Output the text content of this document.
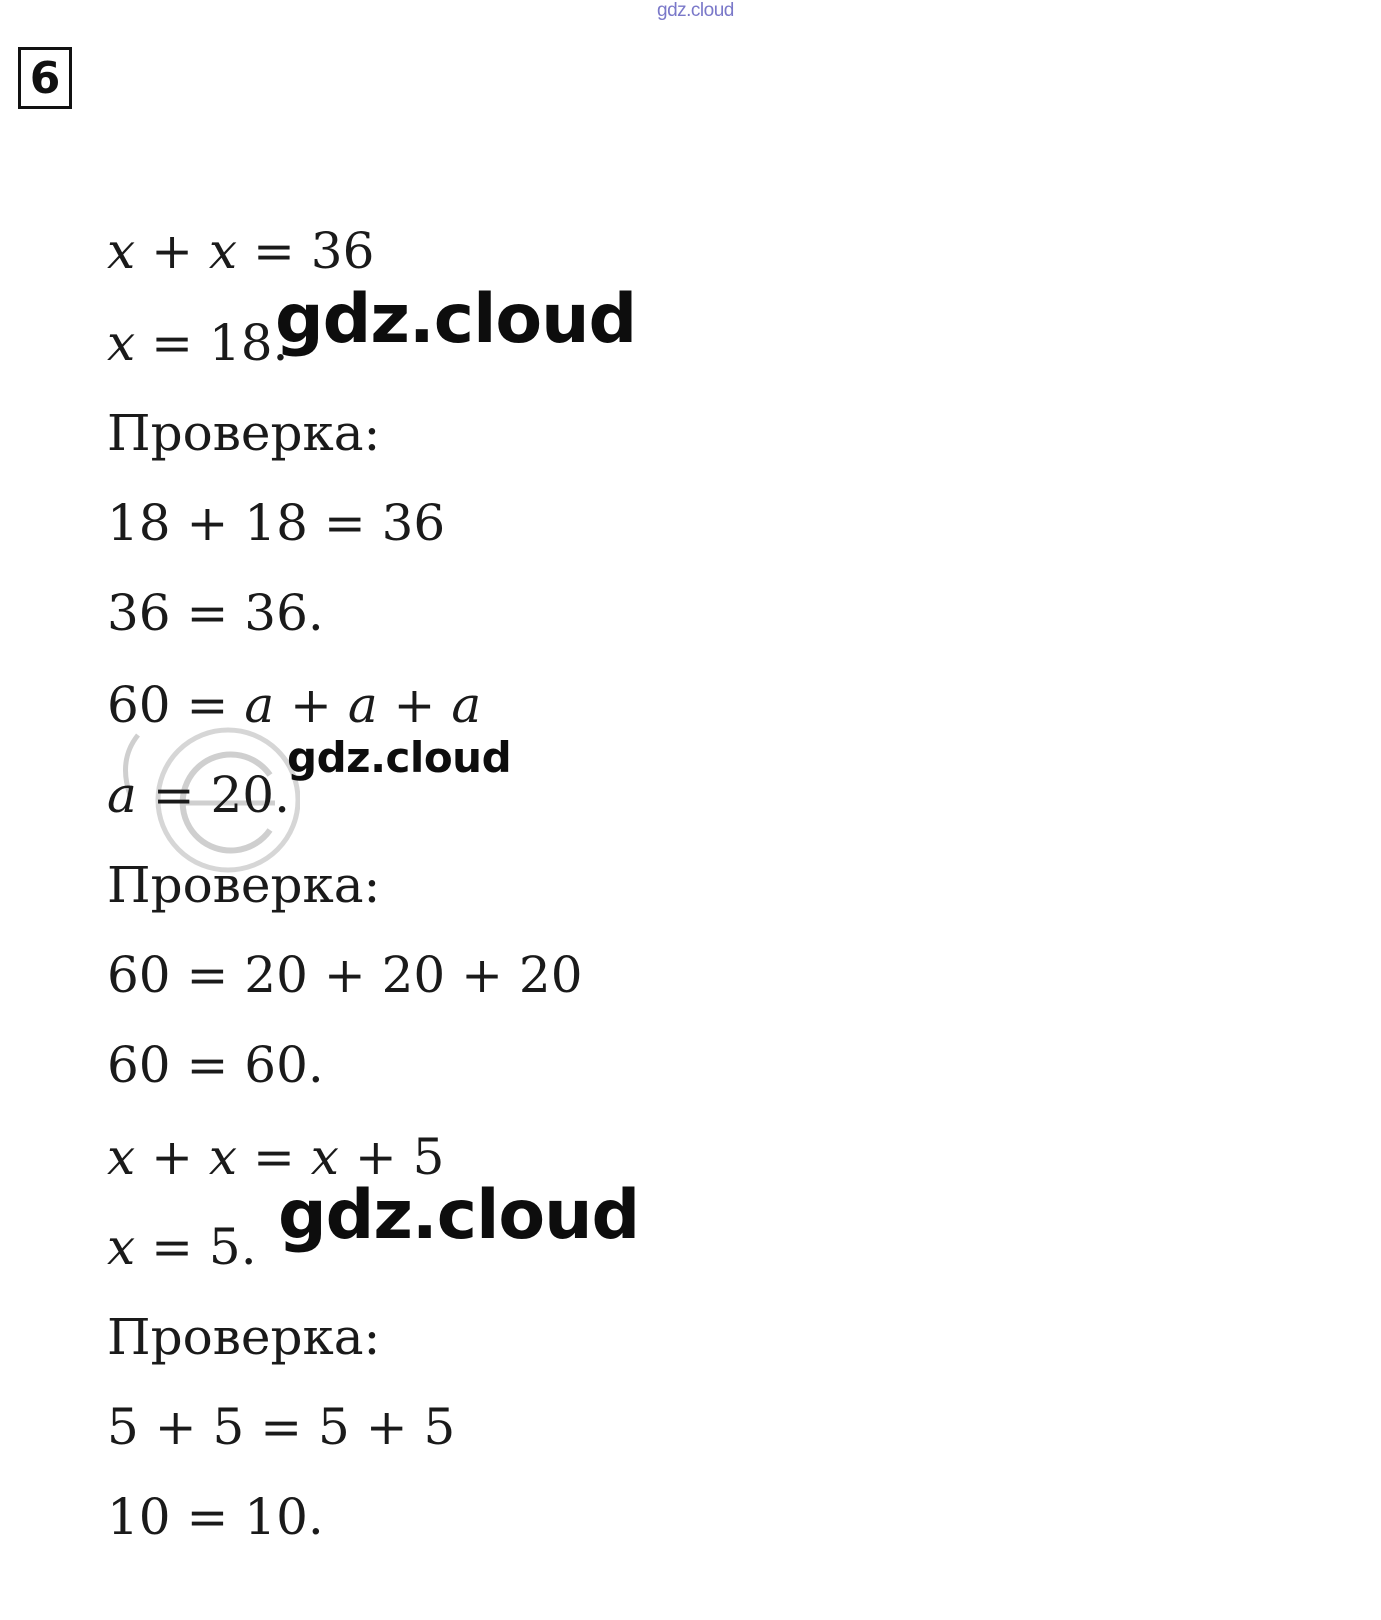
gdz.cloud
6
x + x = 36
x = 18.
Проверка:
18 + 18 = 36
36 = 36.
60 = a + a + a
a = 20.
Проверка:
60 = 20 + 20 + 20
60 = 60.
x + x = x + 5
x = 5.
Проверка:
5 + 5 = 5 + 5
10 = 10.
gdz.cloud
gdz.cloud
gdz.cloud
